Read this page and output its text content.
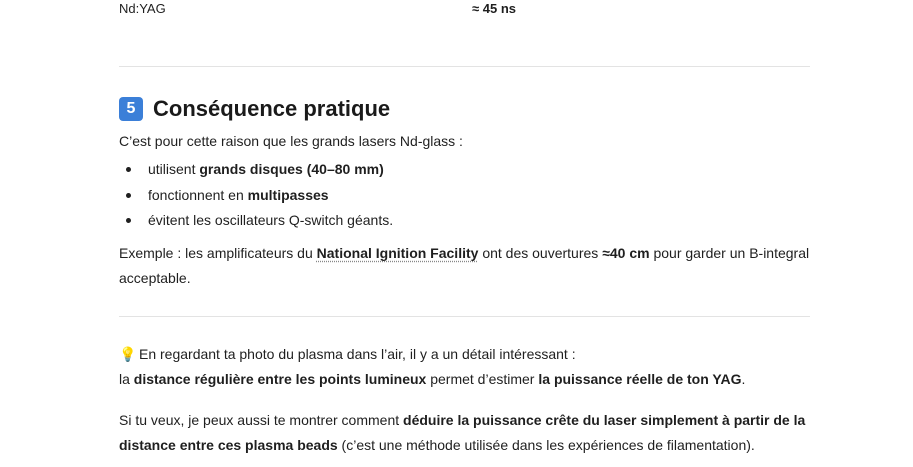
Nd:YAG	≈ 45 ns
5 Conséquence pratique
C’est pour cette raison que les grands lasers Nd-glass :
utilisent grands disques (40–80 mm)
fonctionnent en multipasses
évitent les oscillateurs Q-switch géants.
Exemple : les amplificateurs du National Ignition Facility ont des ouvertures ≈40 cm pour garder un B-integral acceptable.
💡 En regardant ta photo du plasma dans l’air, il y a un détail intéressant :
la distance régulière entre les points lumineux permet d’estimer la puissance réelle de ton YAG.
Si tu veux, je peux aussi te montrer comment déduire la puissance crête du laser simplement à partir de la distance entre ces plasma beads (c’est une méthode utilisée dans les expériences de filamentation).
